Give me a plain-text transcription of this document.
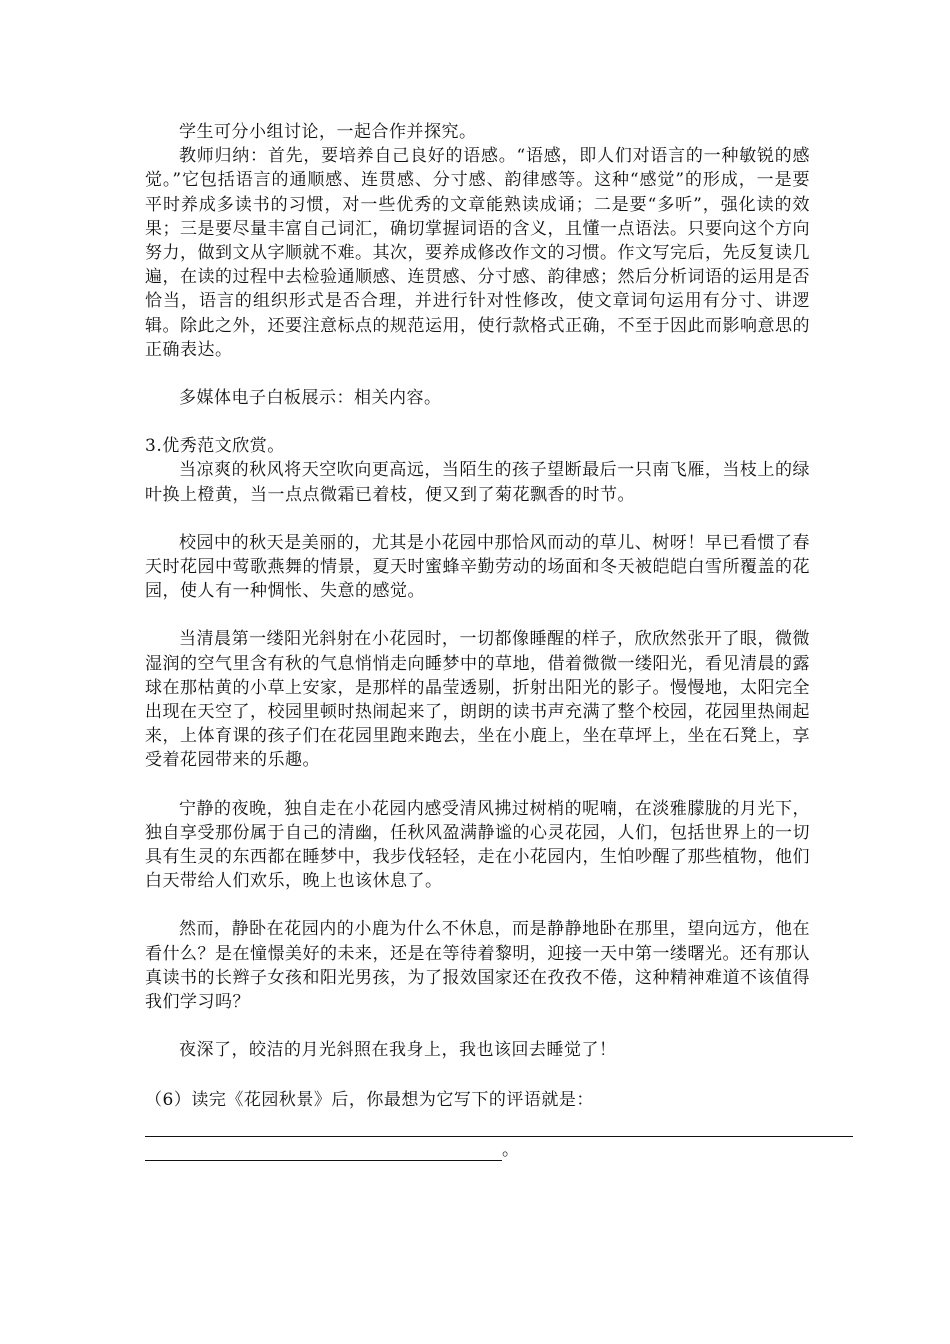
学生可分小组讨论，一起合作并探究。

教师归纳：首先，要培养自己良好的语感。“语感，即人们对语言的一种敏锐的感觉。”它包括语言的通顺感、连贯感、分寸感、韵律感等。这种“感觉”的形成，一是要平时养成多读书的习惯，对一些优秀的文章能熟读成诵；二是要“多听”，强化读的效果；三是要尽量丰富自己词汇，确切掌握词语的含义，且懂一点语法。只要向这个方向努力，做到文从字顺就不难。其次，要养成修改作文的习惯。作文写完后，先反复读几遍，在读的过程中去检验通顺感、连贯感、分寸感、韵律感；然后分析词语的运用是否恰当，语言的组织形式是否合理，并进行针对性修改，使文章词句运用有分寸、讲逻辑。除此之外，还要注意标点的规范运用，使行款格式正确，不至于因此而影响意思的正确表达。

多媒体电子白板展示：相关内容。

3.优秀范文欣赏。

当凉爽的秋风将天空吹向更高远，当陌生的孩子望断最后一只南飞雁，当枝上的绿叶换上橙黄，当一点点微霜已着枝，便又到了菊花飘香的时节。

校园中的秋天是美丽的，尤其是小花园中那恰风而动的草儿、树呀！早已看惯了春天时花园中莺歌燕舞的情景，夏天时蜜蜂辛勤劳动的场面和冬天被皑皑白雪所覆盖的花园，使人有一种惆怅、失意的感觉。

当清晨第一缕阳光斜射在小花园时，一切都像睡醒的样子，欣欣然张开了眼，微微湿润的空气里含有秋的气息悄悄走向睡梦中的草地，借着微微一缕阳光，看见清晨的露球在那枯黄的小草上安家，是那样的晶莹透剔，折射出阳光的影子。慢慢地，太阳完全出现在天空了，校园里顿时热闹起来了，朗朗的读书声充满了整个校园，花园里热闹起来，上体育课的孩子们在花园里跑来跑去，坐在小鹿上，坐在草坪上，坐在石凳上，享受着花园带来的乐趣。

宁静的夜晚，独自走在小花园内感受清风拂过树梢的呢喃，在淡雅朦胧的月光下，独自享受那份属于自己的清幽，任秋风盈满静谧的心灵花园，人们，包括世界上的一切具有生灵的东西都在睡梦中，我步伐轻轻，走在小花园内，生怕吵醒了那些植物，他们白天带给人们欢乐，晚上也该休息了。

然而，静卧在花园内的小鹿为什么不休息，而是静静地卧在那里，望向远方，他在看什么？是在憧憬美好的未来，还是在等待着黎明，迎接一天中第一缕曙光。还有那认真读书的长辫子女孩和阳光男孩，为了报效国家还在孜孜不倦，这种精神难道不该值得我们学习吗？

夜深了，皎洁的月光斜照在我身上，我也该回去睡觉了！

（6）读完《花园秋景》后，你最想为它写下的评语就是：

。
